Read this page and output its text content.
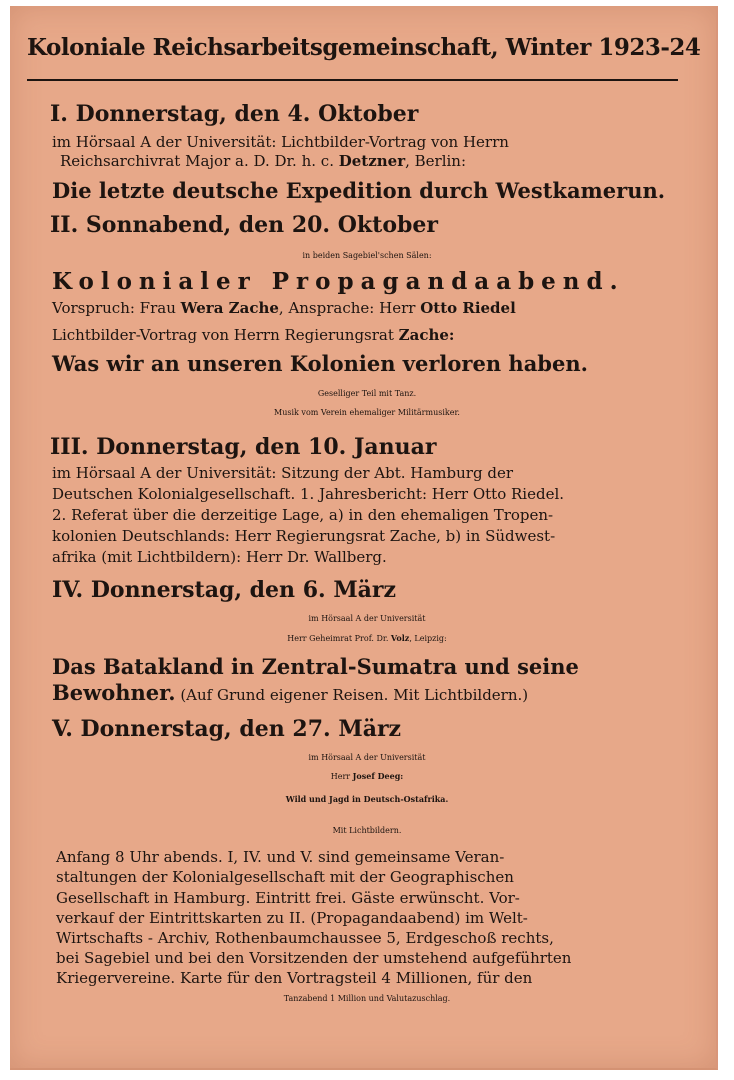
Koloniale Reichsarbeitsgemeinschaft, Winter 1923-24
I. Donnerstag, den 4. Oktober
im Hörsaal A der Universität: Lichtbilder-Vortrag von Herrn
Reichsarchivrat Major a. D. Dr. h. c. Detzner, Berlin:
Die letzte deutsche Expedition durch Westkamerun.
II. Sonnabend, den 20. Oktober
in beiden Sagebiel'schen Sälen:
Kolonialer Propagandaabend.
Vorspruch: Frau Wera Zache, Ansprache: Herr Otto Riedel
Lichtbilder-Vortrag von Herrn Regierungsrat Zache:
Was wir an unseren Kolonien verloren haben.
Geselliger Teil mit Tanz.
Musik vom Verein ehemaliger Militärmusiker.
III. Donnerstag, den 10. Januar
im Hörsaal A der Universität: Sitzung der Abt. Hamburg der
Deutschen Kolonialgesellschaft. 1. Jahresbericht: Herr Otto Riedel.
2. Referat über die derzeitige Lage, a) in den ehemaligen Tropen-
kolonien Deutschlands: Herr Regierungsrat Zache, b) in Südwest-
afrika (mit Lichtbildern): Herr Dr. Wallberg.
IV. Donnerstag, den 6. März
im Hörsaal A der Universität
Herr Geheimrat Prof. Dr. Volz, Leipzig:
Das Batakland in Zentral-Sumatra und seine
Bewohner. (Auf Grund eigener Reisen. Mit Lichtbildern.)
V. Donnerstag, den 27. März
im Hörsaal A der Universität
Herr Josef Deeg:
Wild und Jagd in Deutsch-Ostafrika.
Mit Lichtbildern.
Anfang 8 Uhr abends. I, IV. und V. sind gemeinsame Veran-
staltungen der Kolonialgesellschaft mit der Geographischen
Gesellschaft in Hamburg. Eintritt frei. Gäste erwünscht. Vor-
verkauf der Eintrittskarten zu II. (Propagandaabend) im Welt-
Wirtschafts - Archiv, Rothenbaumchaussee 5, Erdgeschoß rechts,
bei Sagebiel und bei den Vorsitzenden der umstehend aufgeführten
Kriegervereine. Karte für den Vortragsteil 4 Millionen, für den
Tanzabend 1 Million und Valutazuschlag.
